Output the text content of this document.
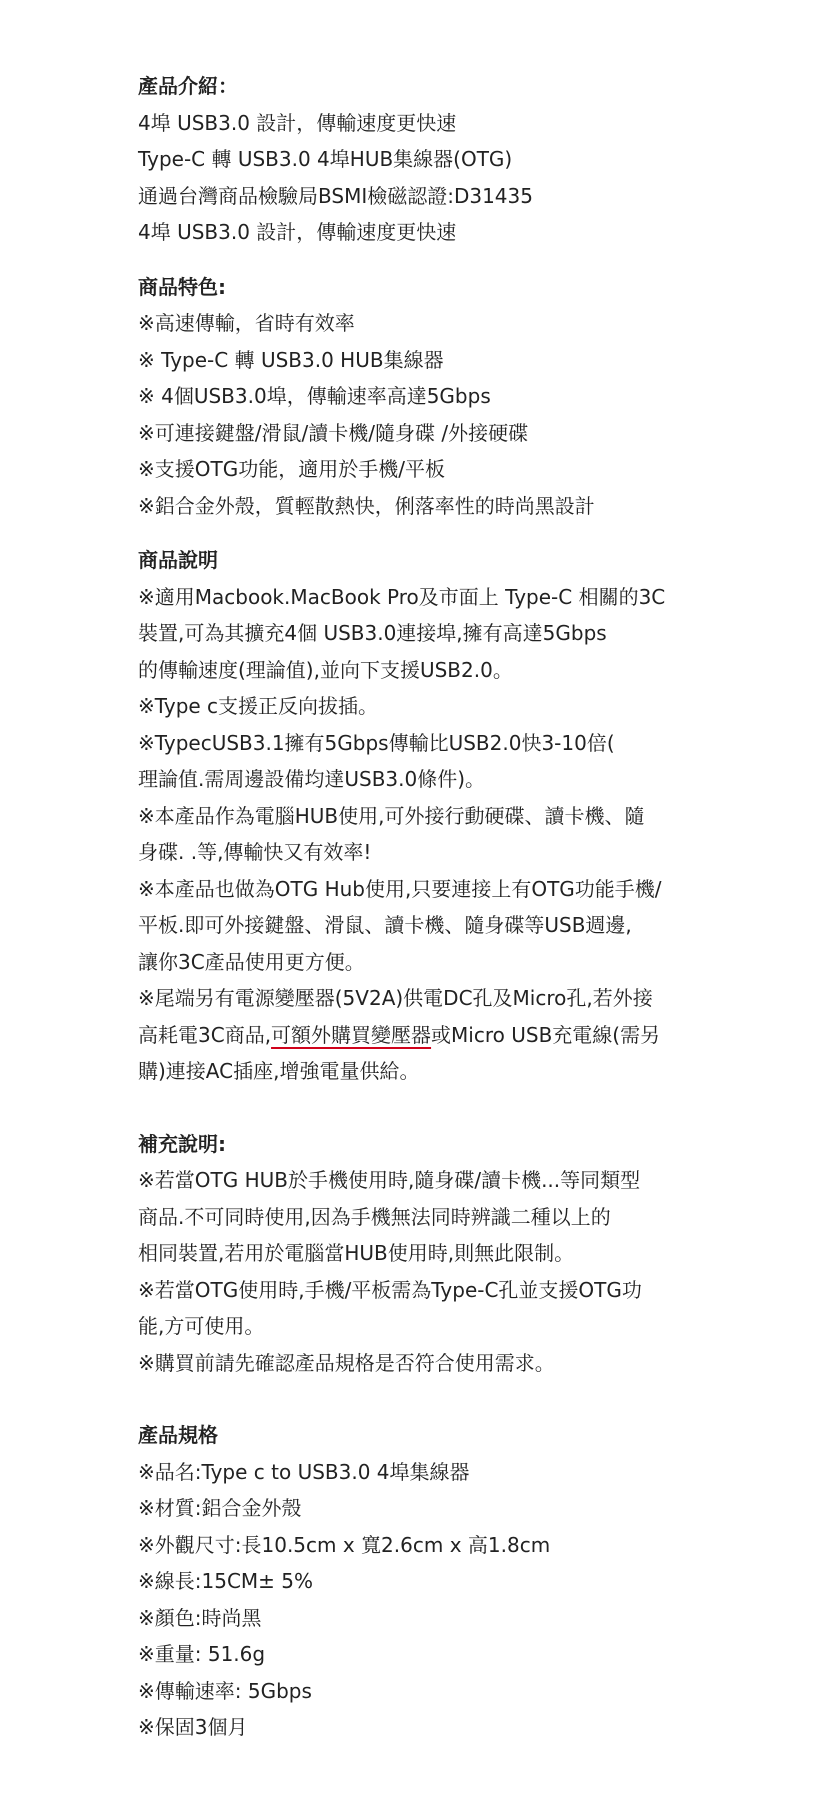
產品介紹：
4埠 USB3.0 設計，傳輸速度更快速
Type-C 轉 USB3.0 4埠HUB集線器(OTG)
通過台灣商品檢驗局BSMI檢磁認證:D31435
4埠 USB3.0 設計，傳輸速度更快速
商品特色:
※高速傳輸，省時有效率
※ Type-C 轉 USB3.0 HUB集線器
※ 4個USB3.0埠，傳輸速率高達5Gbps
※可連接鍵盤/滑鼠/讀卡機/隨身碟 /外接硬碟
※支援OTG功能，適用於手機/平板
※鋁合金外殼，質輕散熱快，俐落率性的時尚黑設計
商品說明
※適用Macbook.MacBook Pro及市面上 Type-C 相關的3C
裝置,可為其擴充4個 USB3.0連接埠,擁有高達5Gbps
的傳輸速度(理論值),並向下支援USB2.0。
※Type c支援正反向拔插。
※TypecUSB3.1擁有5Gbps傳輸比USB2.0快3-10倍(
理論值.需周邊設備均達USB3.0條件)。
※本產品作為電腦HUB使用,可外接行動硬碟、讀卡機、隨
身碟. .等,傳輸快又有效率!
※本產品也做為OTG Hub使用,只要連接上有OTG功能手機/
平板.即可外接鍵盤、滑鼠、讀卡機、隨身碟等USB週邊,
讓你3C產品使用更方便。
※尾端另有電源變壓器(5V2A)供電DC孔及Micro孔,若外接
高耗電3C商品,可額外購買變壓器或Micro USB充電線(需另
購)連接AC插座,增強電量供給。
補充說明:
※若當OTG HUB於手機使用時,隨身碟/讀卡機...等同類型
商品.不可同時使用,因為手機無法同時辨識二種以上的
相同裝置,若用於電腦當HUB使用時,則無此限制。
※若當OTG使用時,手機/平板需為Type-C孔並支援OTG功
能,方可使用。
※購買前請先確認產品規格是否符合使用需求。
產品規格
※品名:Type c to USB3.0 4埠集線器
※材質:鋁合金外殼
※外觀尺寸:長10.5cm x 寬2.6cm x 高1.8cm
※線長:15CM± 5%
※顏色:時尚黑
※重量: 51.6g
※傳輸速率: 5Gbps
※保固3個月
